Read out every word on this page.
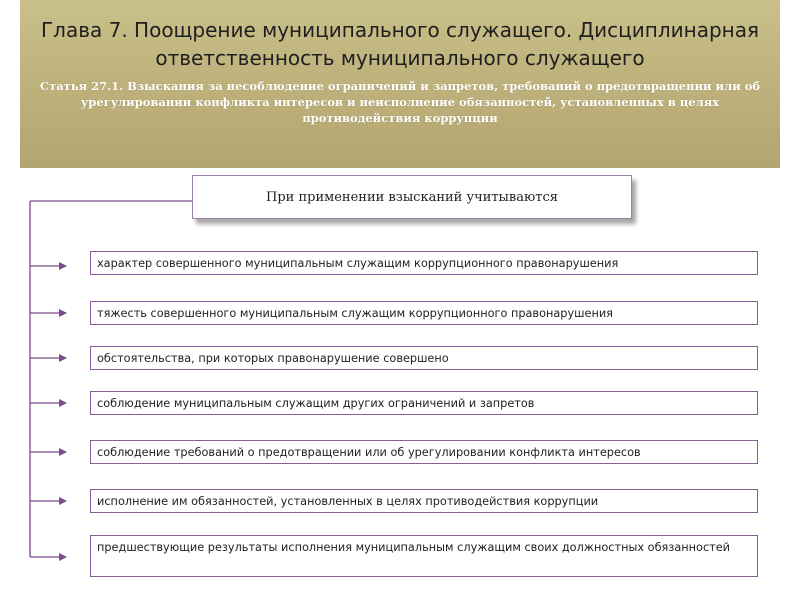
Глава 7. Поощрение муниципального служащего. Дисциплинарная ответственность муниципального служащего

Статья 27.1. Взыскания за несоблюдение ограничений и запретов, требований о предотвращении или об урегулировании конфликта интересов и неисполнение обязанностей, установленных в целях противодействия коррупции

При применении взысканий учитываются
характер совершенного муниципальным служащим коррупционного правонарушения
тяжесть совершенного муниципальным служащим коррупционного правонарушения
обстоятельства, при которых правонарушение совершено
соблюдение муниципальным служащим других ограничений и запретов
соблюдение требований о предотвращении или об урегулировании конфликта интересов
исполнение им обязанностей, установленных в целях противодействия коррупции
предшествующие результаты исполнения муниципальным служащим своих должностных обязанностей
